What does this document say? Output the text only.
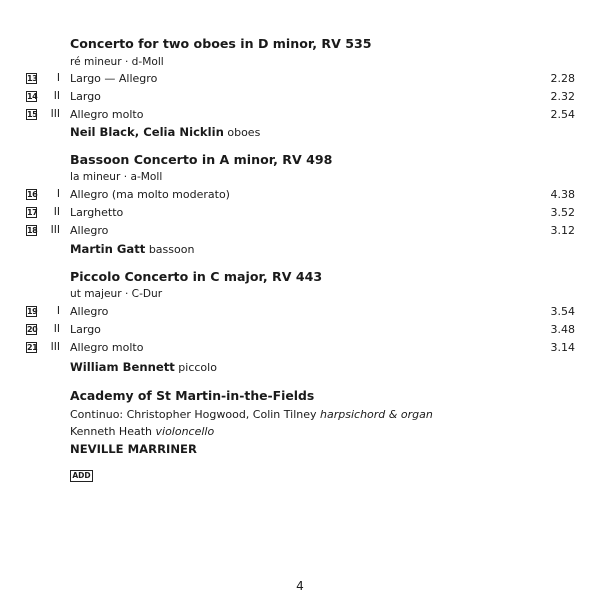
Concerto for two oboes in D minor, RV 535
ré mineur · d-Moll
13 I Largo — Allegro	2.28
14 II Largo	2.32
15 III Allegro molto	2.54
Neil Black, Celia Nicklin oboes
Bassoon Concerto in A minor, RV 498
la mineur · a-Moll
16 I Allegro (ma molto moderato)	4.38
17 II Larghetto	3.52
18 III Allegro	3.12
Martin Gatt bassoon
Piccolo Concerto in C major, RV 443
ut majeur · C-Dur
19 I Allegro	3.54
20 II Largo	3.48
21 III Allegro molto	3.14
William Bennett piccolo
Academy of St Martin-in-the-Fields
Continuo: Christopher Hogwood, Colin Tilney harpsichord & organ
Kenneth Heath violoncello
NEVILLE MARRINER
ADD
4
